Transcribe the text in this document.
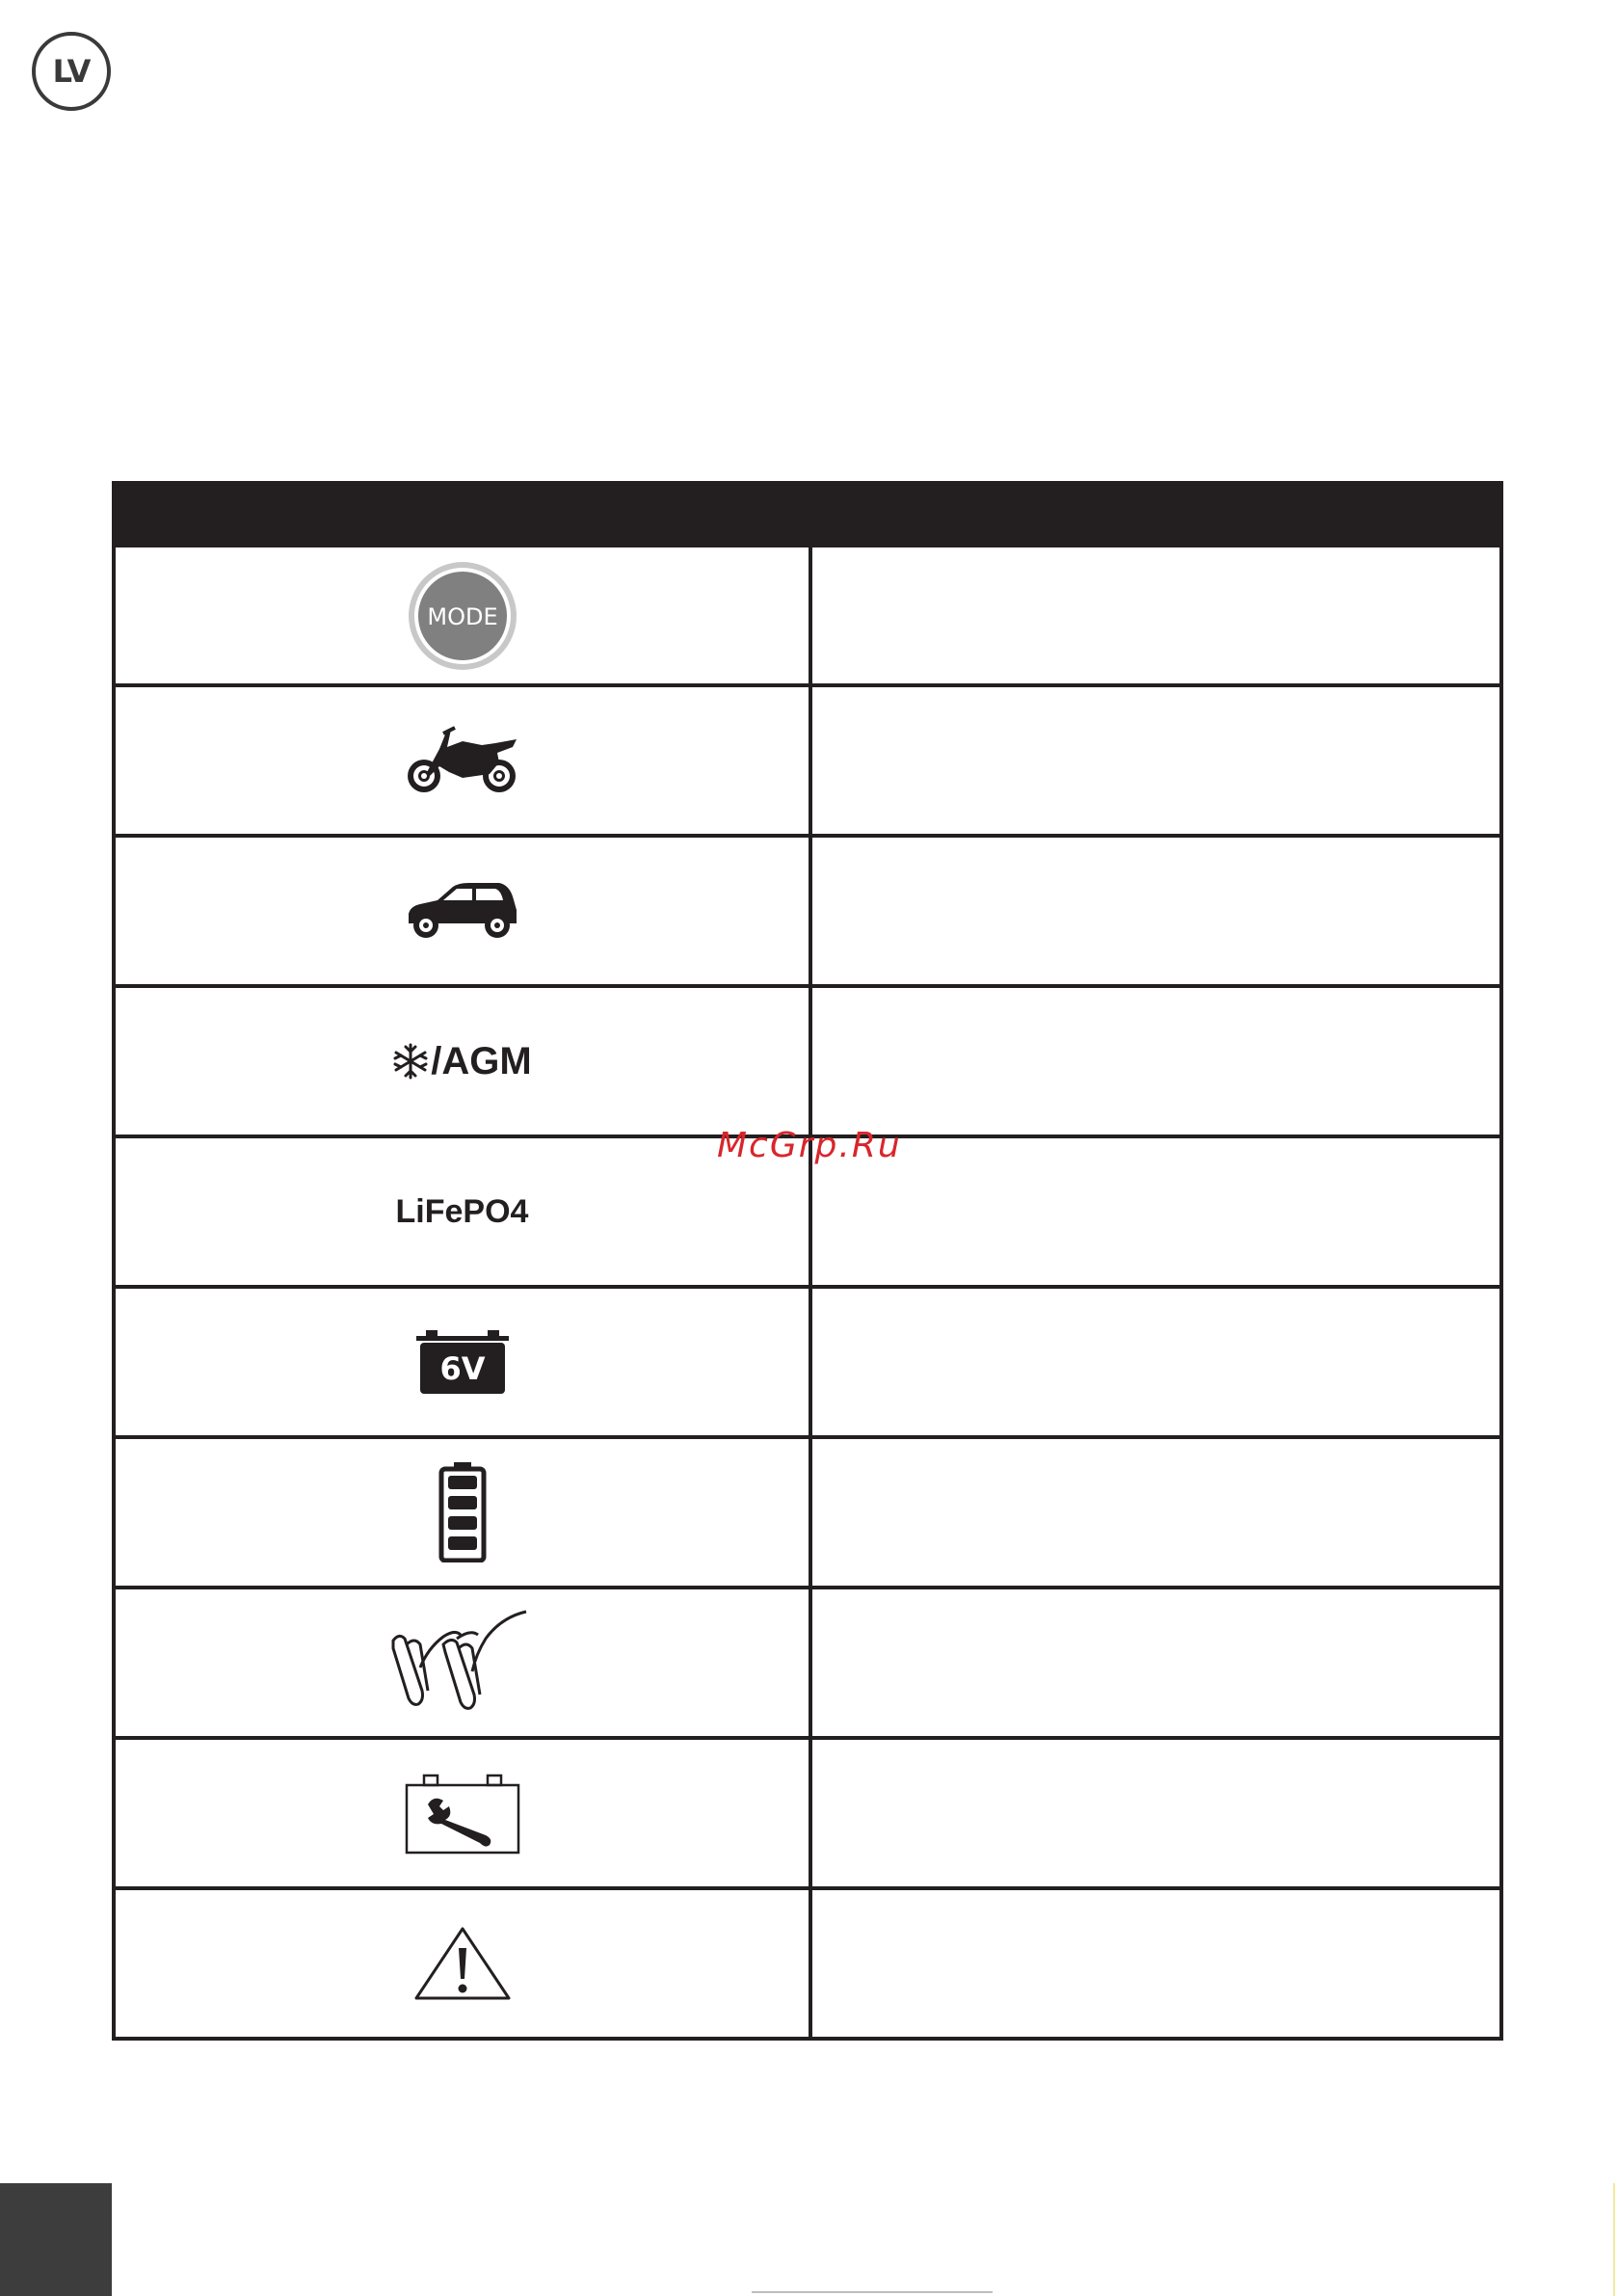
LV
MODE
/AGM
LiFePO4
6V
McGrp.Ru
